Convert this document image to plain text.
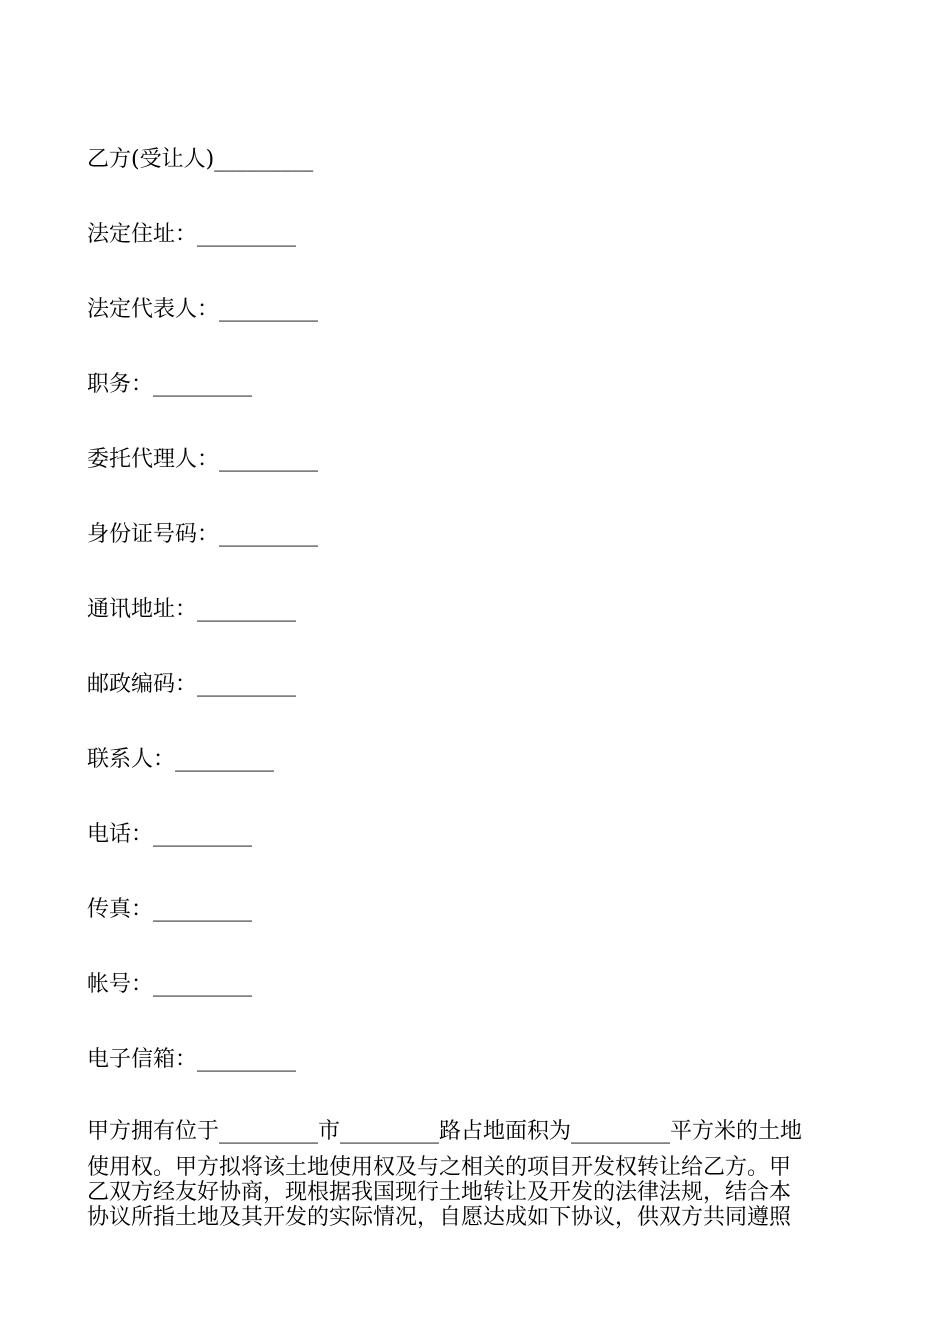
乙方(受让人)_________
法定住址：_________
法定代表人：_________
职务：_________
委托代理人：_________
身份证号码：_________
通讯地址：_________
邮政编码：_________
联系人：_________
电话：_________
传真：_________
帐号：_________
电子信箱：_________
甲方拥有位于_________市_________路占地面积为_________平方米的土地
使用权。甲方拟将该土地使用权及与之相关的项目开发权转让给乙方。甲
乙双方经友好协商，现根据我国现行土地转让及开发的法律法规，结合本
协议所指土地及其开发的实际情况，自愿达成如下协议，供双方共同遵照
